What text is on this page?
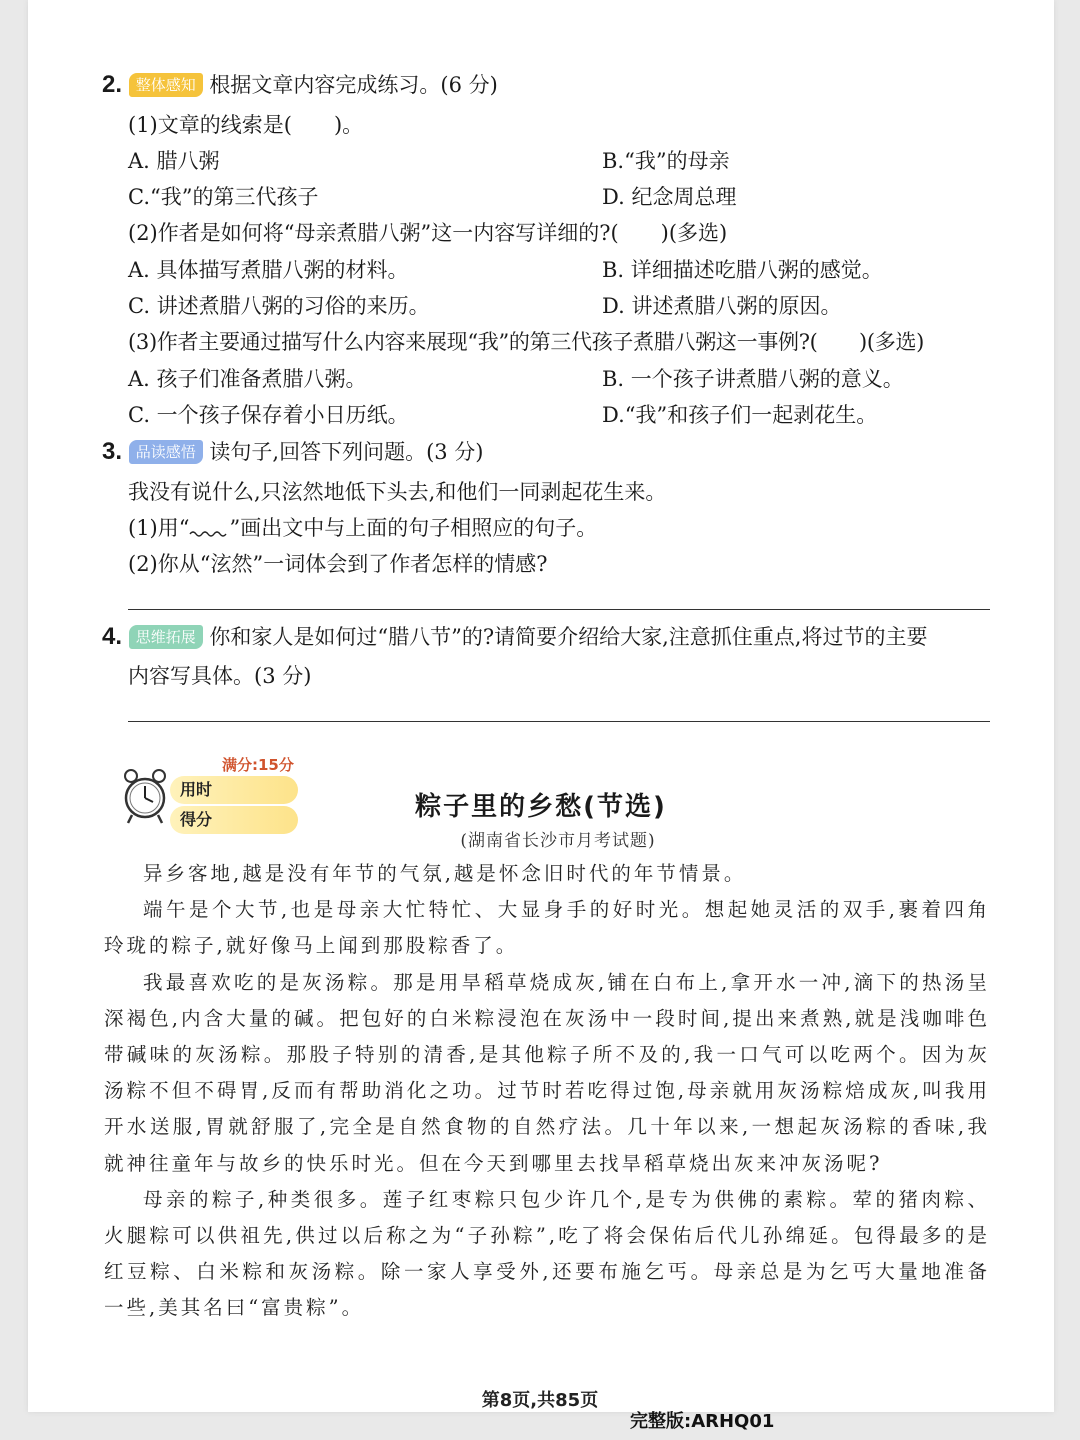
2. 整体感知 根据文章内容完成练习。(6 分)
(1)文章的线索是(　　)。
A. 腊八粥	B.“我”的母亲
C.“我”的第三代孩子	D. 纪念周总理
(2)作者是如何将“母亲煮腊八粥”这一内容写详细的?(　　)(多选)
A. 具体描写煮腊八粥的材料。	B. 详细描述吃腊八粥的感觉。
C. 讲述煮腊八粥的习俗的来历。	D. 讲述煮腊八粥的原因。
(3)作者主要通过描写什么内容来展现“我”的第三代孩子煮腊八粥这一事例?(　　)(多选)
A. 孩子们准备煮腊八粥。	B. 一个孩子讲煮腊八粥的意义。
C. 一个孩子保存着小日历纸。	D.“我”和孩子们一起剥花生。
3. 品读感悟 读句子,回答下列问题。(3 分)
我没有说什么,只泫然地低下头去,和他们一同剥起花生来。
(1)用“ ”画出文中与上面的句子相照应的句子。
(2)你从“泫然”一词体会到了作者怎样的情感?
4. 思维拓展 你和家人是如何过“腊八节”的?请简要介绍给大家,注意抓住重点,将过节的主要
内容写具体。(3 分)
满分:15分
用时
得分	粽子里的乡愁(节选)
(湖南省长沙市月考试题)

异乡客地,越是没有年节的气氛,越是怀念旧时代的年节情景。

端午是个大节,也是母亲大忙特忙、大显身手的好时光。想起她灵活的双手,裹着四角玲珑的粽子,就好像马上闻到那股粽香了。

我最喜欢吃的是灰汤粽。那是用旱稻草烧成灰,铺在白布上,拿开水一冲,滴下的热汤呈深褐色,内含大量的碱。把包好的白米粽浸泡在灰汤中一段时间,提出来煮熟,就是浅咖啡色带碱味的灰汤粽。那股子特别的清香,是其他粽子所不及的,我一口气可以吃两个。因为灰汤粽不但不碍胃,反而有帮助消化之功。过节时若吃得过饱,母亲就用灰汤粽焙成灰,叫我用开水送服,胃就舒服了,完全是自然食物的自然疗法。几十年以来,一想起灰汤粽的香味,我就神往童年与故乡的快乐时光。但在今天到哪里去找旱稻草烧出灰来冲灰汤呢?

母亲的粽子,种类很多。莲子红枣粽只包少许几个,是专为供佛的素粽。荤的猪肉粽、火腿粽可以供祖先,供过以后称之为“子孙粽”,吃了将会保佑后代儿孙绵延。包得最多的是红豆粽、白米粽和灰汤粽。除一家人享受外,还要布施乞丐。母亲总是为乞丐大量地准备一些,美其名曰“富贵粽”。

第8页,共85页
完整版:ARHQ01
